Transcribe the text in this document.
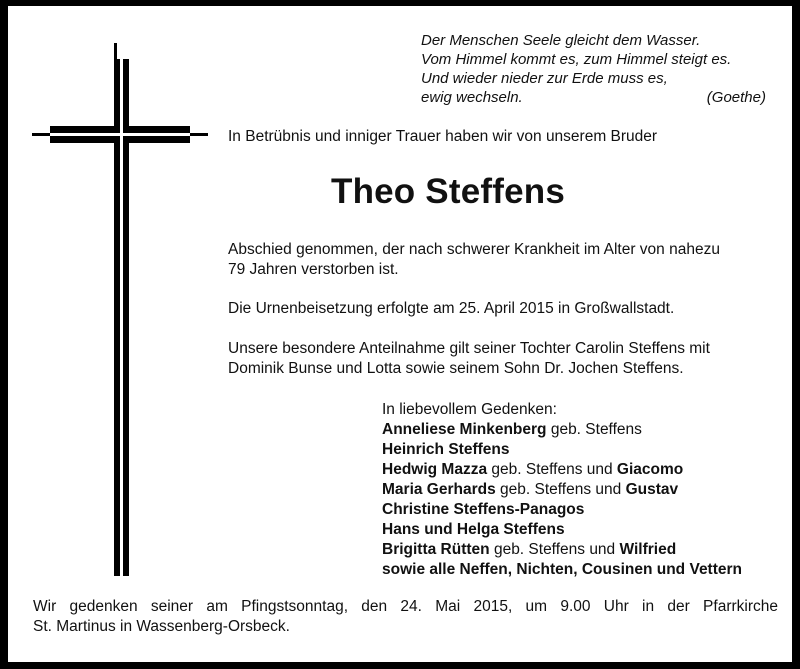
Der Menschen Seele gleicht dem Wasser.
Vom Himmel kommt es, zum Himmel steigt es.
Und wieder nieder zur Erde muss es,
ewig wechseln.	(Goethe)
In Betrübnis und inniger Trauer haben wir von unserem Bruder
Theo Steffens
Abschied genommen, der nach schwerer Krankheit im Alter von nahezu
79 Jahren verstorben ist.
Die Urnenbeisetzung erfolgte am 25. April 2015 in Großwallstadt.
Unsere besondere Anteilnahme gilt seiner Tochter Carolin Steffens mit
Dominik Bunse und Lotta sowie seinem Sohn Dr. Jochen Steffens.
In liebevollem Gedenken:
Anneliese Minkenberg geb. Steffens
Heinrich Steffens
Hedwig Mazza geb. Steffens und Giacomo
Maria Gerhards geb. Steffens und Gustav
Christine Steffens-Panagos
Hans und Helga Steffens
Brigitta Rütten geb. Steffens und Wilfried
sowie alle Neffen, Nichten, Cousinen und Vettern
Wir gedenken seiner am Pfingstsonntag, den 24. Mai 2015, um 9.00 Uhr in der Pfarrkirche
St. Martinus in Wassenberg-Orsbeck.
